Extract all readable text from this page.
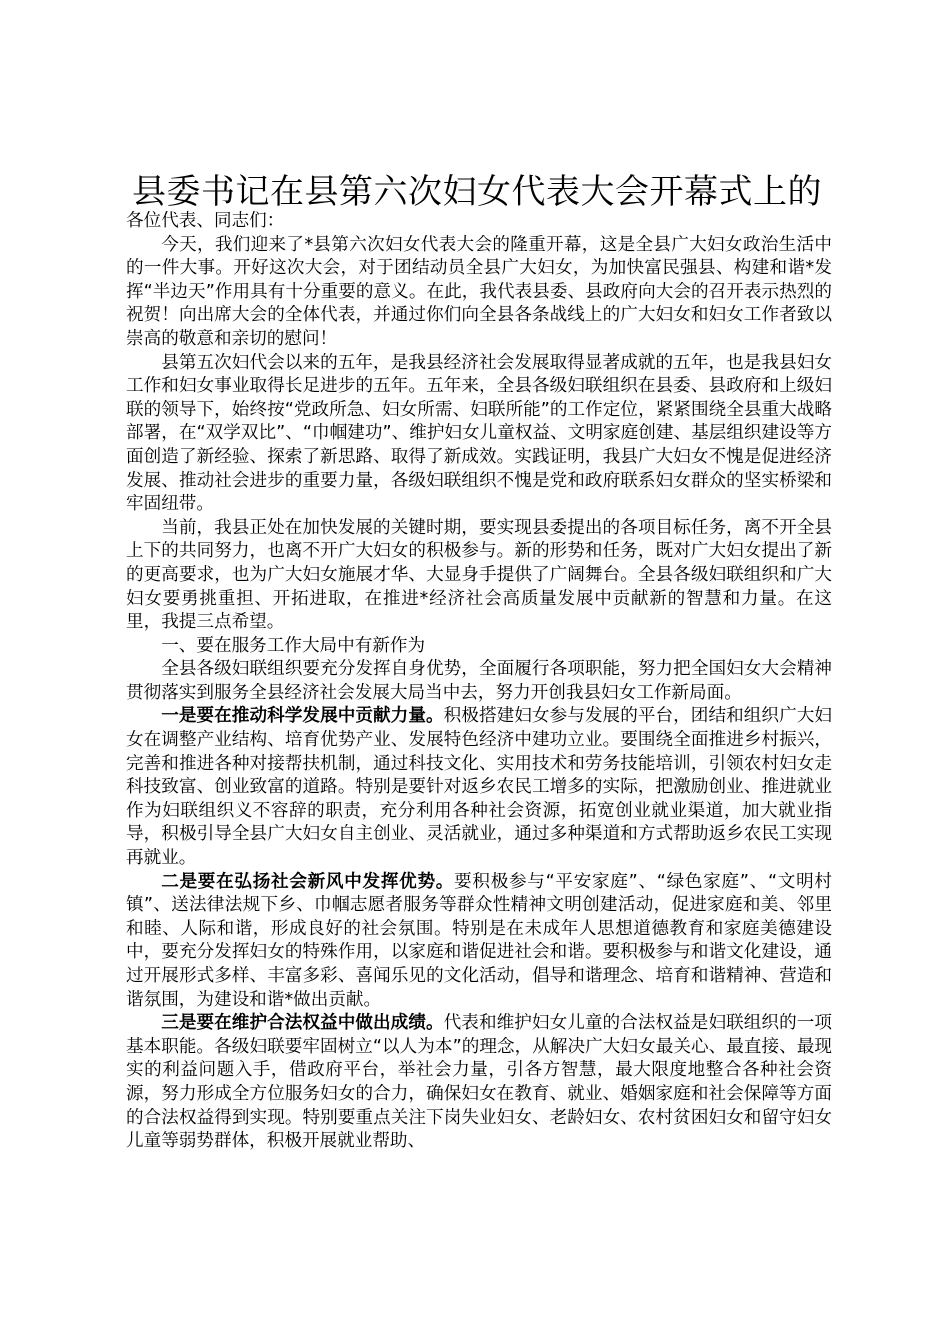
县委书记在县第六次妇女代表大会开幕式上的

各位代表、同志们：

今天，我们迎来了*县第六次妇女代表大会的隆重开幕，这是全县广大妇女政治生活中的一件大事。开好这次大会，对于团结动员全县广大妇女，为加快富民强县、构建和谐*发挥“半边天”作用具有十分重要的意义。在此，我代表县委、县政府向大会的召开表示热烈的祝贺！向出席大会的全体代表，并通过你们向全县各条战线上的广大妇女和妇女工作者致以崇高的敬意和亲切的慰问！

县第五次妇代会以来的五年，是我县经济社会发展取得显著成就的五年，也是我县妇女工作和妇女事业取得长足进步的五年。五年来，全县各级妇联组织在县委、县政府和上级妇联的领导下，始终按“党政所急、妇女所需、妇联所能”的工作定位，紧紧围绕全县重大战略部署，在“双学双比”、“巾帼建功”、维护妇女儿童权益、文明家庭创建、基层组织建设等方面创造了新经验、探索了新思路、取得了新成效。实践证明，我县广大妇女不愧是促进经济发展、推动社会进步的重要力量，各级妇联组织不愧是党和政府联系妇女群众的坚实桥梁和牢固纽带。

当前，我县正处在加快发展的关键时期，要实现县委提出的各项目标任务，离不开全县上下的共同努力，也离不开广大妇女的积极参与。新的形势和任务，既对广大妇女提出了新的更高要求，也为广大妇女施展才华、大显身手提供了广阔舞台。全县各级妇联组织和广大妇女要勇挑重担、开拓进取，在推进*经济社会高质量发展中贡献新的智慧和力量。在这里，我提三点希望。

一、要在服务工作大局中有新作为

全县各级妇联组织要充分发挥自身优势，全面履行各项职能，努力把全国妇女大会精神贯彻落实到服务全县经济社会发展大局当中去，努力开创我县妇女工作新局面。

一是要在推动科学发展中贡献力量。积极搭建妇女参与发展的平台，团结和组织广大妇女在调整产业结构、培育优势产业、发展特色经济中建功立业。要围绕全面推进乡村振兴，完善和推进各种对接帮扶机制，通过科技文化、实用技术和劳务技能培训，引领农村妇女走科技致富、创业致富的道路。特别是要针对返乡农民工增多的实际，把激励创业、推进就业作为妇联组织义不容辞的职责，充分利用各种社会资源，拓宽创业就业渠道，加大就业指导，积极引导全县广大妇女自主创业、灵活就业，通过多种渠道和方式帮助返乡农民工实现再就业。

二是要在弘扬社会新风中发挥优势。要积极参与“平安家庭”、“绿色家庭”、“文明村镇”、送法律法规下乡、巾帼志愿者服务等群众性精神文明创建活动，促进家庭和美、邻里和睦、人际和谐，形成良好的社会氛围。特别是在未成年人思想道德教育和家庭美德建设中，要充分发挥妇女的特殊作用，以家庭和谐促进社会和谐。要积极参与和谐文化建设，通过开展形式多样、丰富多彩、喜闻乐见的文化活动，倡导和谐理念、培育和谐精神、营造和谐氛围，为建设和谐*做出贡献。

三是要在维护合法权益中做出成绩。代表和维护妇女儿童的合法权益是妇联组织的一项基本职能。各级妇联要牢固树立“以人为本”的理念，从解决广大妇女最关心、最直接、最现实的利益问题入手，借政府平台，举社会力量，引各方智慧，最大限度地整合各种社会资源，努力形成全方位服务妇女的合力，确保妇女在教育、就业、婚姻家庭和社会保障等方面的合法权益得到实现。特别要重点关注下岗失业妇女、老龄妇女、农村贫困妇女和留守妇女儿童等弱势群体，积极开展就业帮助、
